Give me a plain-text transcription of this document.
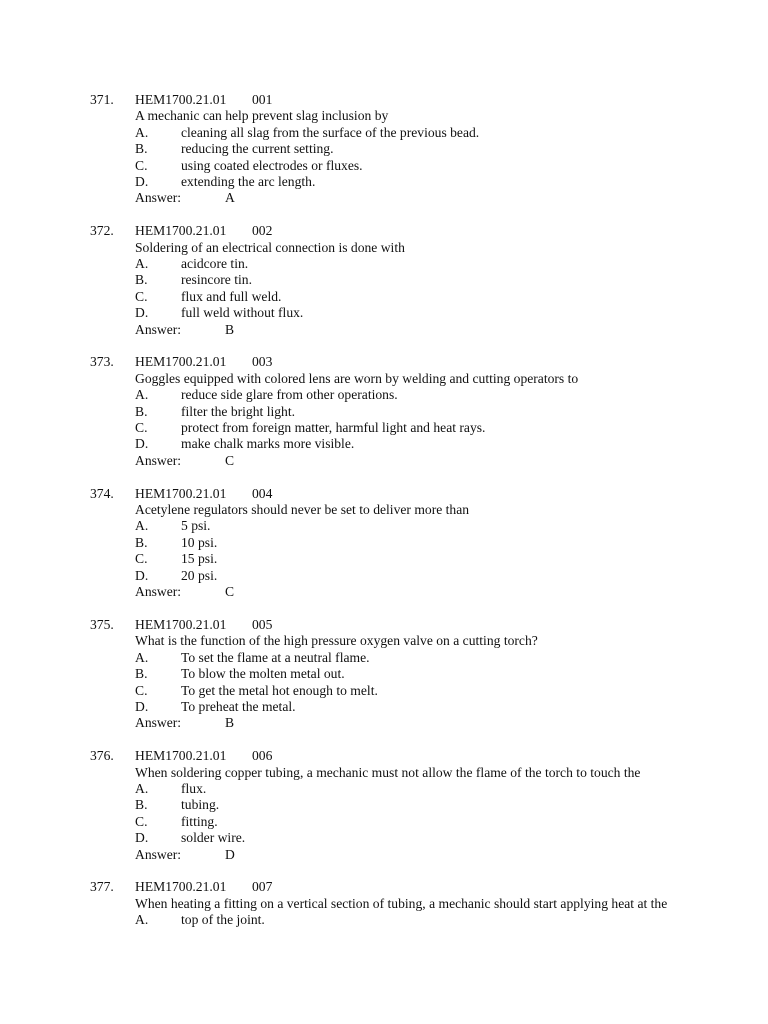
371. HEM1700.21.01 001
A mechanic can help prevent slag inclusion by
A. cleaning all slag from the surface of the previous bead.
B. reducing the current setting.
C. using coated electrodes or fluxes.
D. extending the arc length.
Answer:	A
372. HEM1700.21.01 002
Soldering of an electrical connection is done with
A. acidcore tin.
B. resincore tin.
C. flux and full weld.
D. full weld without flux.
Answer:	B
373. HEM1700.21.01 003
Goggles equipped with colored lens are worn by welding and cutting operators to
A. reduce side glare from other operations.
B. filter the bright light.
C. protect from foreign matter, harmful light and heat rays.
D. make chalk marks more visible.
Answer:	C
374. HEM1700.21.01 004
Acetylene regulators should never be set to deliver more than
A. 5 psi.
B. 10 psi.
C. 15 psi.
D. 20 psi.
Answer:	C
375. HEM1700.21.01 005
What is the function of the high pressure oxygen valve on a cutting torch?
A. To set the flame at a neutral flame.
B. To blow the molten metal out.
C. To get the metal hot enough to melt.
D. To preheat the metal.
Answer:	B
376. HEM1700.21.01 006
When soldering copper tubing, a mechanic must not allow the flame of the torch to touch the
A. flux.
B. tubing.
C. fitting.
D. solder wire.
Answer:	D
377. HEM1700.21.01 007
When heating a fitting on a vertical section of tubing, a mechanic should start applying heat at the
A. top of the joint.
